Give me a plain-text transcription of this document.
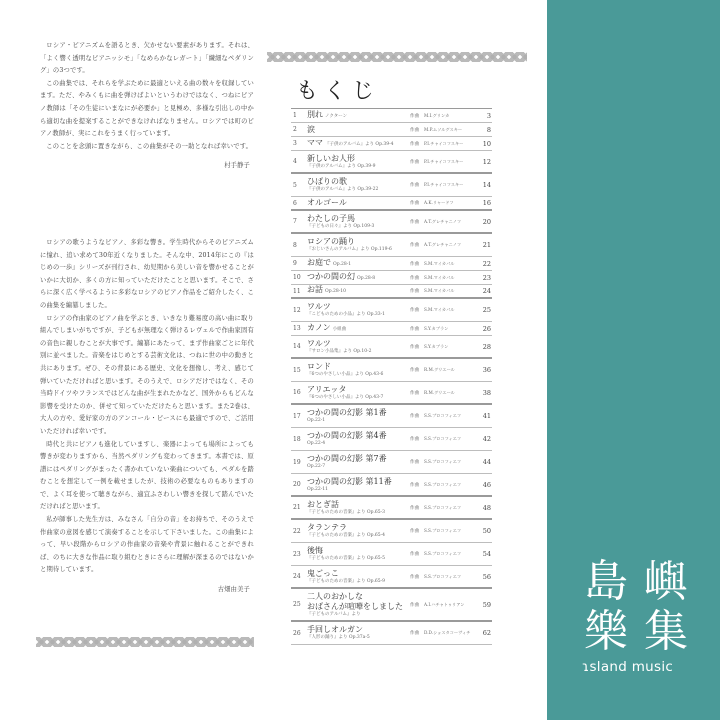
ロシア・ピアニズムを語るとき、欠かせない要素があります。それは、「よく響く透明なピアニッシモ」「なめらかなレガート」「繊細なペダリング」の3つです。

この曲集では、それらを学ぶために最適といえる曲の数々を収録しています。ただ、やみくもに曲を弾けばよいというわけではなく、つねにピアノ教師は「その生徒にいまなにが必要か」と見極め、多様な引出しの中から適切な曲を提案することができなければなりません。ロシアでは町のピアノ教師が、実にこれをうまく行っています。

このことを念頭に置きながら、この曲集がその一助となれば幸いです。

村手静子

ロシアの歌うようなピアノ、多彩な響き。学生時代からそのピアニズムに憧れ、追い求めて30年近くなりました。そんな中、2014年にこの『はじめの一歩』シリーズが刊行され、幼児期から美しい音を響かせることがいかに大切か、多くの方に知っていただけたことと思います。そこで、さらに深く広く学べるように多彩なロシアのピアノ作品をご紹介したく、この曲集を編纂しました。

ロシアの作曲家のピアノ曲を学ぶとき、いきなり難易度の高い曲に取り組んでしまいがちですが、子どもが無理なく弾けるレヴェルで作曲家固有の音色に親しむことが大事です。編纂にあたって、まず作曲家ごとに年代別に並べました。音楽をはじめとする芸術文化は、つねに世の中の動きと共にあります。ぜひ、その背景にある歴史、文化を想像し、考え、感じて弾いていただければと思います。そのうえで、ロシアだけではなく、その当時ドイツやフランスではどんな曲が生まれたかなど、国外からもどんな影響を受けたのか、併せて知っていただけたらと思います。また2巻は、大人の方や、愛好家の方のアンコール・ピースにも最適ですので、ご活用いただければ幸いです。

時代と共にピアノも進化していますし、楽器によっても場所によっても響きが変わりますから、当然ペダリングも変わってきます。本書では、原譜にはペダリングがまったく書かれていない楽曲についても、ペダルを踏むことを想定して一例を載せましたが、技術の必要なものもありますので、よく耳を使って聴きながら、適宜ふさわしい響きを探して踏んでいただければと思います。

私が師事した先生方は、みなさん「自分の音」をお持ちで、そのうえで作曲家の意図を感じて演奏することを示して下さいました。この曲集によって、早い段階からロシアの作曲家の音楽や背景に触れることができれば、のちに大きな作品に取り組むときにさらに理解が深まるのではないかと期待しています。

古畑由美子
もくじ
1	別れ ノクターン	作曲	M.I.グリンカ	3
2	涙	作曲	M.P.ムソルグスキー	8
3	ママ 『子供のアルバム』より Op.39-4	作曲	P.I.チャイコフスキー	10
4	新しいお人形
『子供のアルバム』より Op.39-9
作曲	P.I.チャイコフスキー	12
5	ひばりの歌
『子供のアルバム』より Op.39-22
作曲	P.I.チャイコフスキー	14
6	オルゴール	作曲	A.K.リャードフ	16
7	わたしの子馬
『子どもの日々』より Op.109-3
作曲	A.T.グレチャニノフ	20
8	ロシアの踊り
『おじいさんのアルバム』より Op.119-6
作曲	A.T.グレチャニノフ	21
9	お庭で Op.28-1	作曲	S.M.マイカパル	22
10 つかの間の幻 Op.28-8	作曲	S.M.マイカパル	23
11 お話 Op.28-10	作曲	S.M.マイカパル	24
12 ワルツ
『こどものための小品』より Op.33-1
作曲	S.M.マイカパル	25
13 カノン 小組曲	作曲	S.Y.カプラン	26
14 ワルツ
『サロン小品集』より Op.10-2
作曲	S.Y.カプラン	28
15 ロンド
『6つのやさしい小品』より Op.43-6
作曲	R.M.グリエール	36
16 アリエッタ
『6つのやさしい小品』より Op.43-7
作曲	R.M.グリエール	38
17 つかの間の幻影 第1番
Op.22-1
作曲	S.S.プロコフィエフ	41
18 つかの間の幻影 第4番
Op.22-4
作曲	S.S.プロコフィエフ	42
19 つかの間の幻影 第7番
Op.22-7
作曲	S.S.プロコフィエフ	44
20 つかの間の幻影 第11番
Op.22-11
作曲	S.S.プロコフィエフ	46
21 おとぎ話
『子どものための音楽』より Op.65-3
作曲	S.S.プロコフィエフ	48
22 タランテラ
『子どものための音楽』より Op.65-4
作曲	S.S.プロコフィエフ	50
23 後悔
『子どものための音楽』より Op.65-5
作曲	S.S.プロコフィエフ	54
24 鬼ごっこ
『子どものための音楽』より Op.65-9
作曲	S.S.プロコフィエフ	56
25
二人のおかしな
おばさんが喧嘩をしました
『子どものアルバム』より
作曲	A.I.ハチャトゥリアン	59
26 手回しオルガン
『人形の踊り』より Op.37a-5
作曲	D.D.ショスタコーヴィチ	62
島 嶼
樂 集
ɿsland music
